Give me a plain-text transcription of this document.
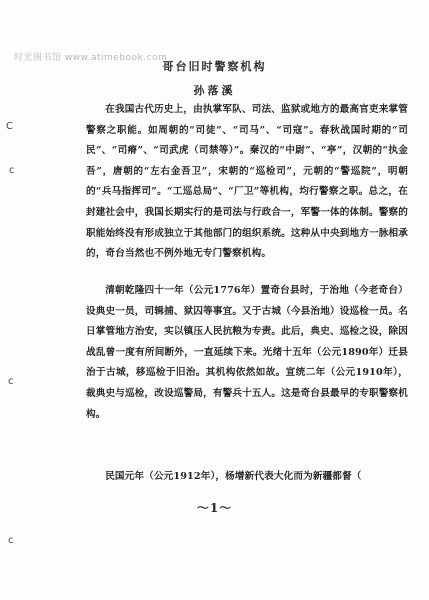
时光图书馆 www.atimebook.com
C
c
c
c
哥台旧时警察机构
孙落溪

在我国古代历史上，由执掌军队、司法、监狱或地方的最高官吏来掌管警察之职能。如周朝的“司徒”、“司马”、“司寇”。春秋战国时期的“司民”、“司瘠”、“司武虎（司禁等）”。秦汉的“中尉”、“亭”，汉朝的“执金吾”，唐朝的“左右金吾卫”，宋朝的“巡检司”，元朝的“警巡院”，明朝的“兵马指挥司”。“工巡总局”、“厂卫”等机构，均行警察之职。总之，在封建社会中，我国长期实行的是司法与行政合一，军警一体的体制。警察的职能始终没有形成独立于其他部门的组织系统。这种从中央到地方一脉相承的，奇台当然也不例外地无专门警察机构。

清朝乾隆四十一年（公元1776年）置奇台县时，于治地（今老奇台）设典史一员，司辑捕、狱囚等事宜。又于古城（今县治地）设巡检一员。名日掌管地方治安，实以镇压人民抗粮为专责。此后，典史、巡检之设，除因战乱曾一度有所间断外，一直延续下来。光绪十五年（公元1890年）迁县治于古城，移巡检于旧治。其机构依然如故。宣统二年（公元1910年），裁典史与巡检，改设巡警局，有警兵十五人。这是奇台县最早的专职警察机构。

民国元年（公元1912年），杨增新代表大化而为新疆都督（

～1～
